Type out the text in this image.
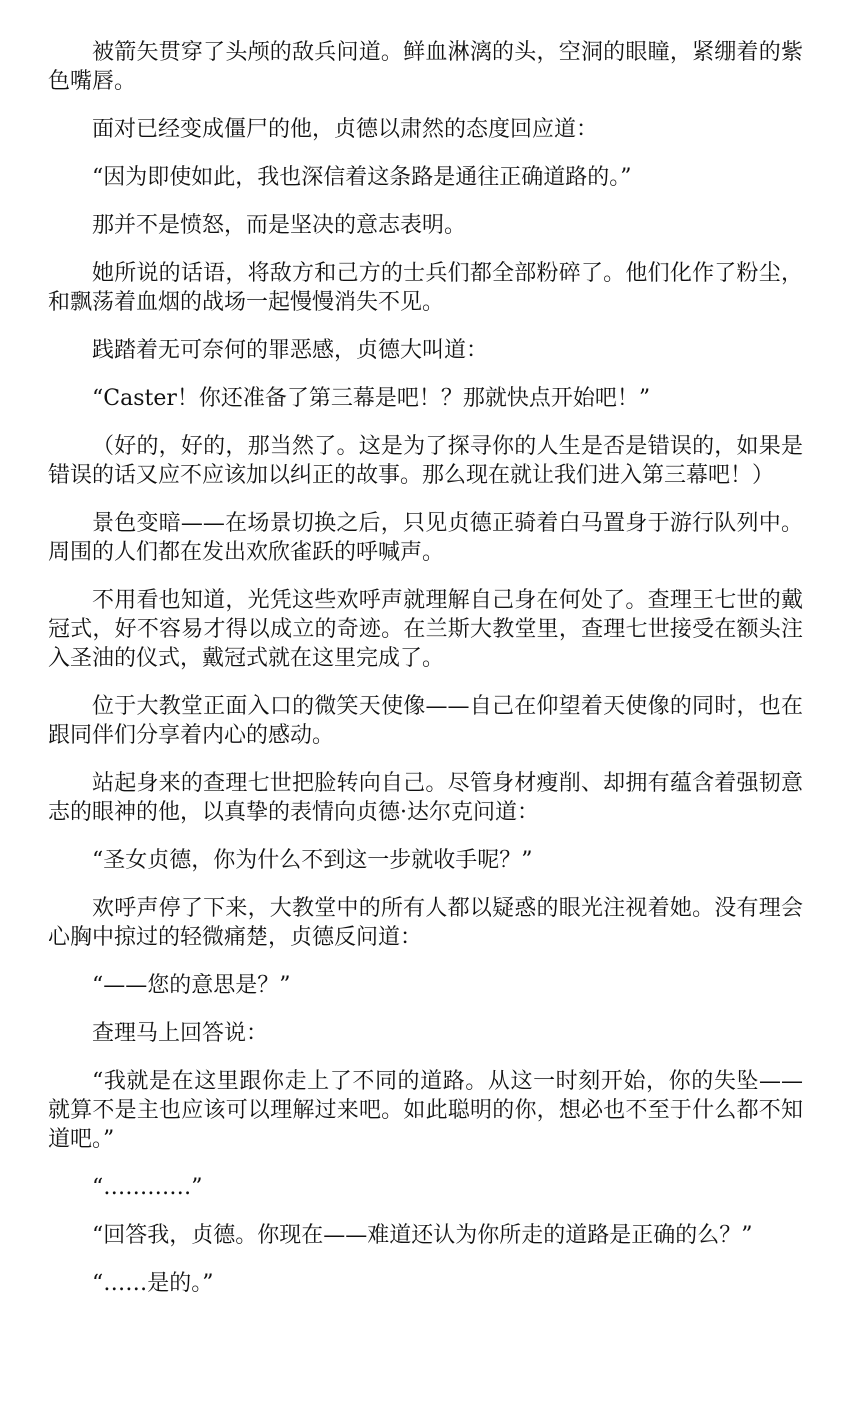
被箭矢贯穿了头颅的敌兵问道。鲜血淋漓的头，空洞的眼瞳，紧绷着的紫色嘴唇。

面对已经变成僵尸的他，贞德以肃然的态度回应道：

“因为即使如此，我也深信着这条路是通往正确道路的。”

那并不是愤怒，而是坚决的意志表明。

她所说的话语，将敌方和己方的士兵们都全部粉碎了。他们化作了粉尘，和飘荡着血烟的战场一起慢慢消失不见。

践踏着无可奈何的罪恶感，贞德大叫道：

“Caster！你还准备了第三幕是吧！？那就快点开始吧！”

（好的，好的，那当然了。这是为了探寻你的人生是否是错误的，如果是错误的话又应不应该加以纠正的故事。那么现在就让我们进入第三幕吧！）

景色变暗——在场景切换之后，只见贞德正骑着白马置身于游行队列中。周围的人们都在发出欢欣雀跃的呼喊声。

不用看也知道，光凭这些欢呼声就理解自己身在何处了。查理王七世的戴冠式，好不容易才得以成立的奇迹。在兰斯大教堂里，查理七世接受在额头注入圣油的仪式，戴冠式就在这里完成了。

位于大教堂正面入口的微笑天使像——自己在仰望着天使像的同时，也在跟同伴们分享着内心的感动。

站起身来的查理七世把脸转向自己。尽管身材瘦削、却拥有蕴含着强韧意志的眼神的他，以真挚的表情向贞德·达尔克问道：

“圣女贞德，你为什么不到这一步就收手呢？”

欢呼声停了下来，大教堂中的所有人都以疑惑的眼光注视着她。没有理会心胸中掠过的轻微痛楚，贞德反问道：

“——您的意思是？”

查理马上回答说：

“我就是在这里跟你走上了不同的道路。从这一时刻开始，你的失坠——就算不是主也应该可以理解过来吧。如此聪明的你，想必也不至于什么都不知道吧。”

“…………”

“回答我，贞德。你现在——难道还认为你所走的道路是正确的么？”

“……是的。”
